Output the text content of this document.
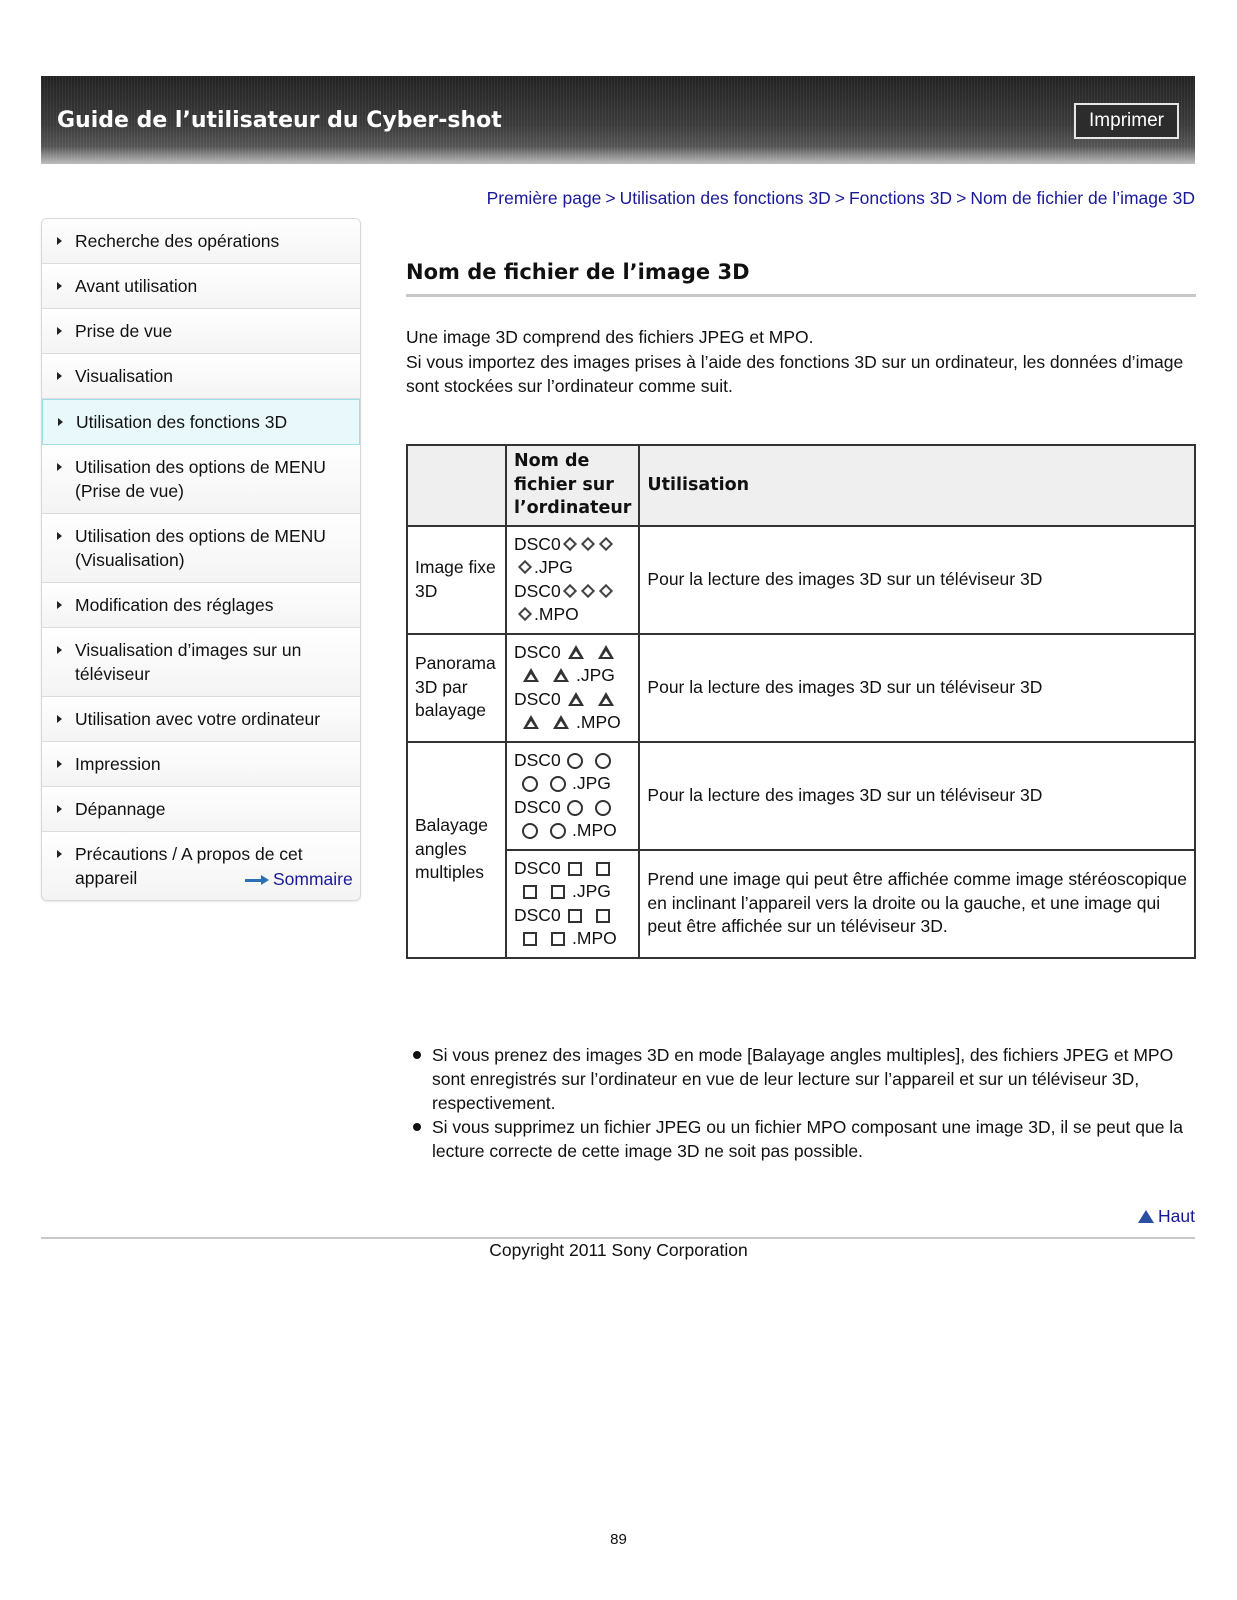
Guide de l’utilisateur du Cyber-shot	Imprimer
Première page > Utilisation des fonctions 3D > Fonctions 3D > Nom de fichier de l’image 3D
Recherche des opérations
Avant utilisation
Prise de vue
Visualisation
Utilisation des fonctions 3D
Utilisation des options de MENU (Prise de vue)
Utilisation des options de MENU (Visualisation)
Modification des réglages
Visualisation d’images sur un téléviseur
Utilisation avec votre ordinateur
Impression
Dépannage
Précautions / A propos de cet appareil	Sommaire
Nom de fichier de l’image 3D
Une image 3D comprend des fichiers JPEG et MPO.
Si vous importez des images prises à l’aide des fonctions 3D sur un ordinateur, les données d’image sont stockées sur l’ordinateur comme suit.
	Nom de fichier sur l’ordinateur	Utilisation
Image fixe 3D	DSC0
.JPG
DSC0
.MPO	Pour la lecture des images 3D sur un téléviseur 3D
Panorama 3D par balayage	DSC0
.JPG
DSC0
.MPO	Pour la lecture des images 3D sur un téléviseur 3D
Balayage angles multiples	DSC0
.JPG
DSC0
.MPO	Pour la lecture des images 3D sur un téléviseur 3D

	DSC0
.JPG
DSC0
.MPO	Prend une image qui peut être affichée comme image stéréoscopique en inclinant l’appareil vers la droite ou la gauche, et une image qui peut être affichée sur un téléviseur 3D.
Si vous prenez des images 3D en mode [Balayage angles multiples], des fichiers JPEG et MPO sont enregistrés sur l’ordinateur en vue de leur lecture sur l’appareil et sur un téléviseur 3D, respectivement.
Si vous supprimez un fichier JPEG ou un fichier MPO composant une image 3D, il se peut que la lecture correcte de cette image 3D ne soit pas possible.
Haut
Copyright 2011 Sony Corporation
89
